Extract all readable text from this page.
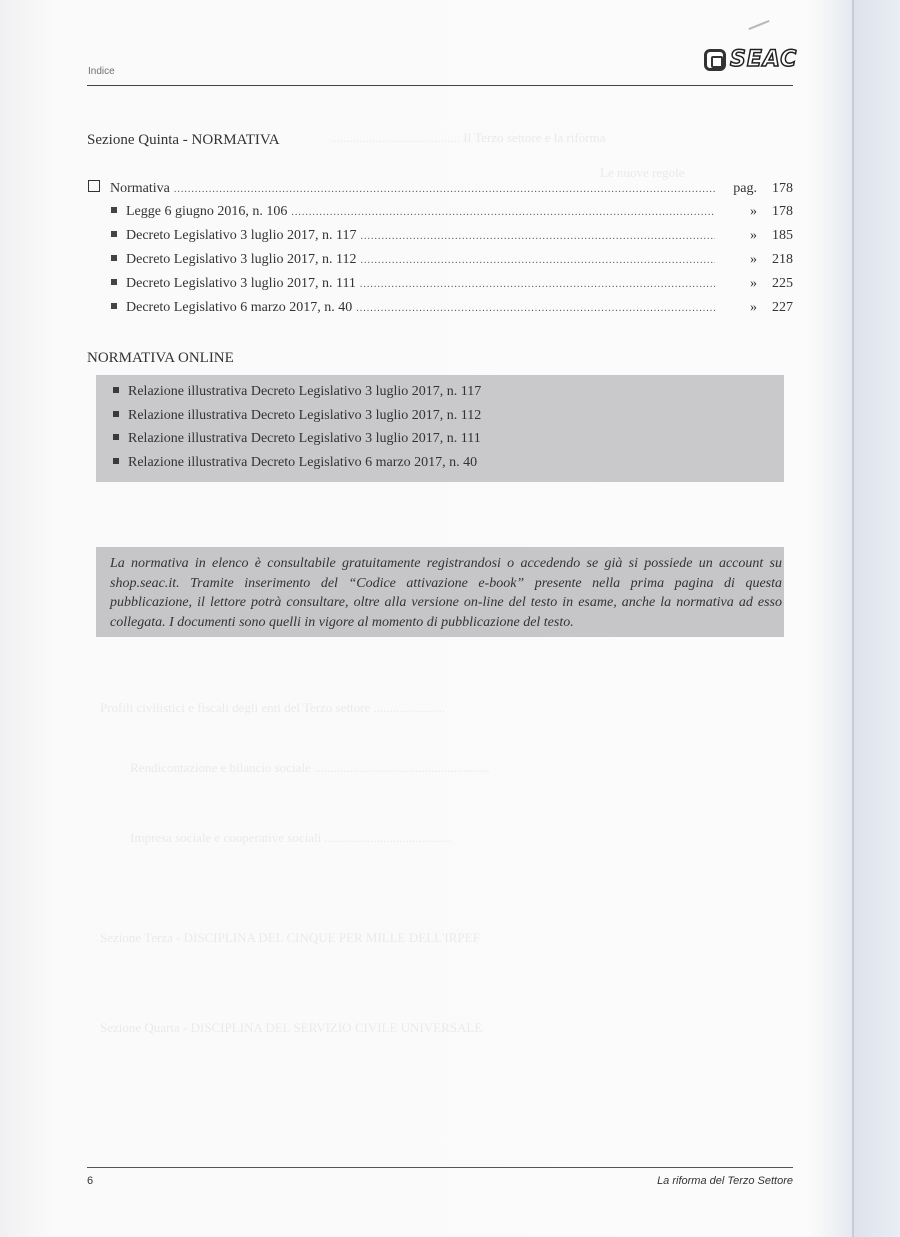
Indice	SEAC
Sezione Quinta - NORMATIVA
Normativa .....	pag.	178
Legge 6 giugno 2016, n. 106 .....	»	178
Decreto Legislativo 3 luglio 2017, n. 117 .....	»	185
Decreto Legislativo 3 luglio 2017, n. 112 .....	»	218
Decreto Legislativo 3 luglio 2017, n. 111 .....	»	225
Decreto Legislativo 6 marzo 2017, n. 40 .....	»	227
NORMATIVA ONLINE
Relazione illustrativa Decreto Legislativo 3 luglio 2017, n. 117
Relazione illustrativa Decreto Legislativo 3 luglio 2017, n. 112
Relazione illustrativa Decreto Legislativo 3 luglio 2017, n. 111
Relazione illustrativa Decreto Legislativo 6 marzo 2017, n. 40
La normativa in elenco è consultabile gratuitamente registrandosi o accedendo se già si possiede un account su shop.seac.it. Tramite inserimento del “Codice attivazione e-book” presente nella prima pagina di questa pubblicazione, il lettore potrà consultare, oltre alla versione on-line del testo in esame, anche la normativa ad esso collegata. I documenti sono quelli in vigore al momento di pubblicazione del testo.
6	La riforma del Terzo Settore
